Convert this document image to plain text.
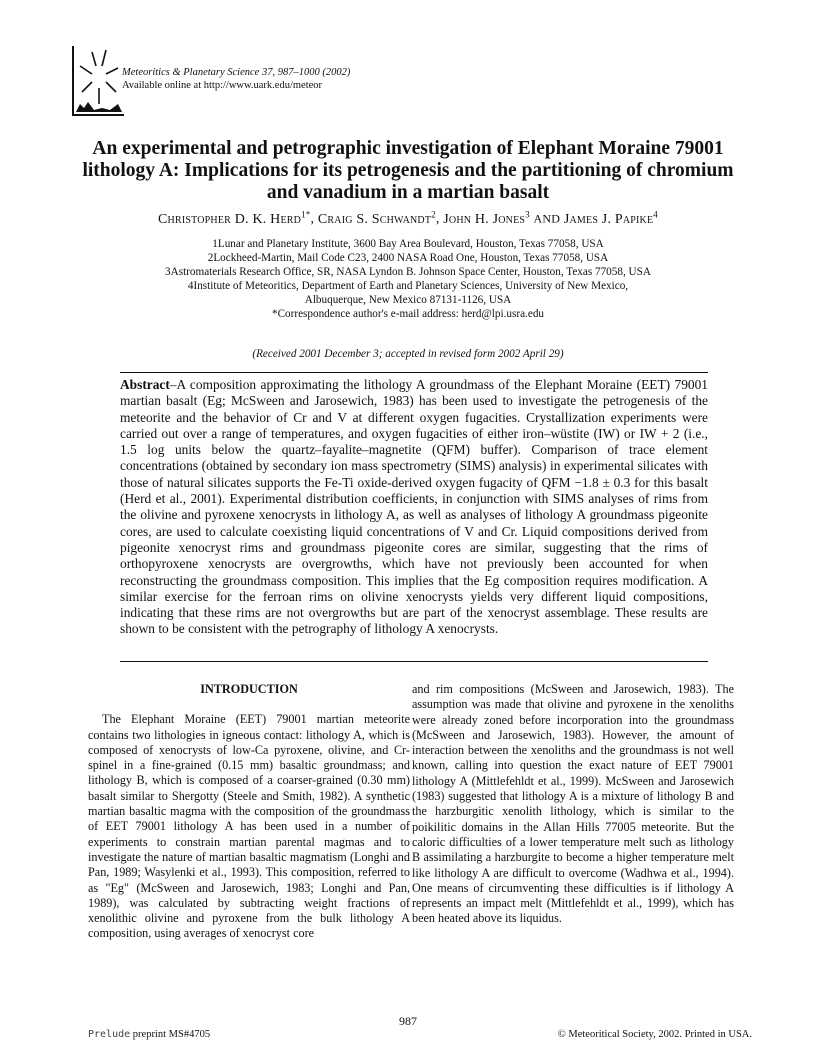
Meteoritics & Planetary Science 37, 987–1000 (2002)
Available online at http://www.uark.edu/meteor
An experimental and petrographic investigation of Elephant Moraine 79001 lithology A: Implications for its petrogenesis and the partitioning of chromium and vanadium in a martian basalt
Christopher D. K. Herd$^{1*}$, Craig S. Schwandt$^2$, John H. Jones$^3$ AND James J. Papike$^4$
1Lunar and Planetary Institute, 3600 Bay Area Boulevard, Houston, Texas 77058, USA
2Lockheed-Martin, Mail Code C23, 2400 NASA Road One, Houston, Texas 77058, USA
3Astromaterials Research Office, SR, NASA Lyndon B. Johnson Space Center, Houston, Texas 77058, USA
4Institute of Meteoritics, Department of Earth and Planetary Sciences, University of New Mexico,
Albuquerque, New Mexico 87131-1126, USA
*Correspondence author's e-mail address: herd@lpi.usra.edu
(Received 2001 December 3; accepted in revised form 2002 April 29)
Abstract–A composition approximating the lithology A groundmass of the Elephant Moraine (EET) 79001 martian basalt (Eg; McSween and Jarosewich, 1983) has been used to investigate the petrogenesis of the meteorite and the behavior of Cr and V at different oxygen fugacities. Crystallization experiments were carried out over a range of temperatures, and oxygen fugacities of either iron–wüstite (IW) or IW + 2 (i.e., 1.5 log units below the quartz–fayalite–magnetite (QFM) buffer). Comparison of trace element concentrations (obtained by secondary ion mass spectrometry (SIMS) analysis) in experimental silicates with those of natural silicates supports the Fe-Ti oxide-derived oxygen fugacity of QFM −1.8 ± 0.3 for this basalt (Herd et al., 2001). Experimental distribution coefficients, in conjunction with SIMS analyses of rims from the olivine and pyroxene xenocrysts in lithology A, as well as analyses of lithology A groundmass pigeonite cores, are used to calculate coexisting liquid concentrations of V and Cr. Liquid compositions derived from pigeonite xenocryst rims and groundmass pigeonite cores are similar, suggesting that the rims of orthopyroxene xenocrysts are overgrowths, which have not previously been accounted for when reconstructing the groundmass composition. This implies that the Eg composition requires modification. A similar exercise for the ferroan rims on olivine xenocrysts yields very different liquid compositions, indicating that these rims are not overgrowths but are part of the xenocryst assemblage. These results are shown to be consistent with the petrography of lithology A xenocrysts.
INTRODUCTION

The Elephant Moraine (EET) 79001 martian meteorite contains two lithologies in igneous contact: lithology A, which is composed of xenocrysts of low-Ca pyroxene, olivine, and Cr-spinel in a fine-grained (0.15 mm) basaltic groundmass; and lithology B, which is composed of a coarser-grained (0.30 mm) basalt similar to Shergotty (Steele and Smith, 1982). A synthetic martian basaltic magma with the composition of the groundmass of EET 79001 lithology A has been used in a number of experiments to constrain martian parental magmas and to investigate the nature of martian basaltic magmatism (Longhi and Pan, 1989; Wasylenki et al., 1993). This composition, referred to as "Eg" (McSween and Jarosewich, 1983; Longhi and Pan, 1989), was calculated by subtracting weight fractions of xenolithic olivine and pyroxene from the bulk lithology A composition, using averages of xenocryst core

and rim compositions (McSween and Jarosewich, 1983). The assumption was made that olivine and pyroxene in the xenoliths were already zoned before incorporation into the groundmass (McSween and Jarosewich, 1983). However, the amount of interaction between the xenoliths and the groundmass is not well known, calling into question the exact nature of EET 79001 lithology A (Mittlefehldt et al., 1999). McSween and Jarosewich (1983) suggested that lithology A is a mixture of lithology B and the harzburgitic xenolith lithology, which is similar to the poikilitic domains in the Allan Hills 77005 meteorite. But the caloric difficulties of a lower temperature melt such as lithology B assimilating a harzburgite to become a higher temperature melt like lithology A are difficult to overcome (Wadhwa et al., 1994). One means of circumventing these difficulties is if lithology A represents an impact melt (Mittlefehldt et al., 1999), which has been heated above its liquidus.

987
Prelude preprint MS#4705	© Meteoritical Society, 2002. Printed in USA.
